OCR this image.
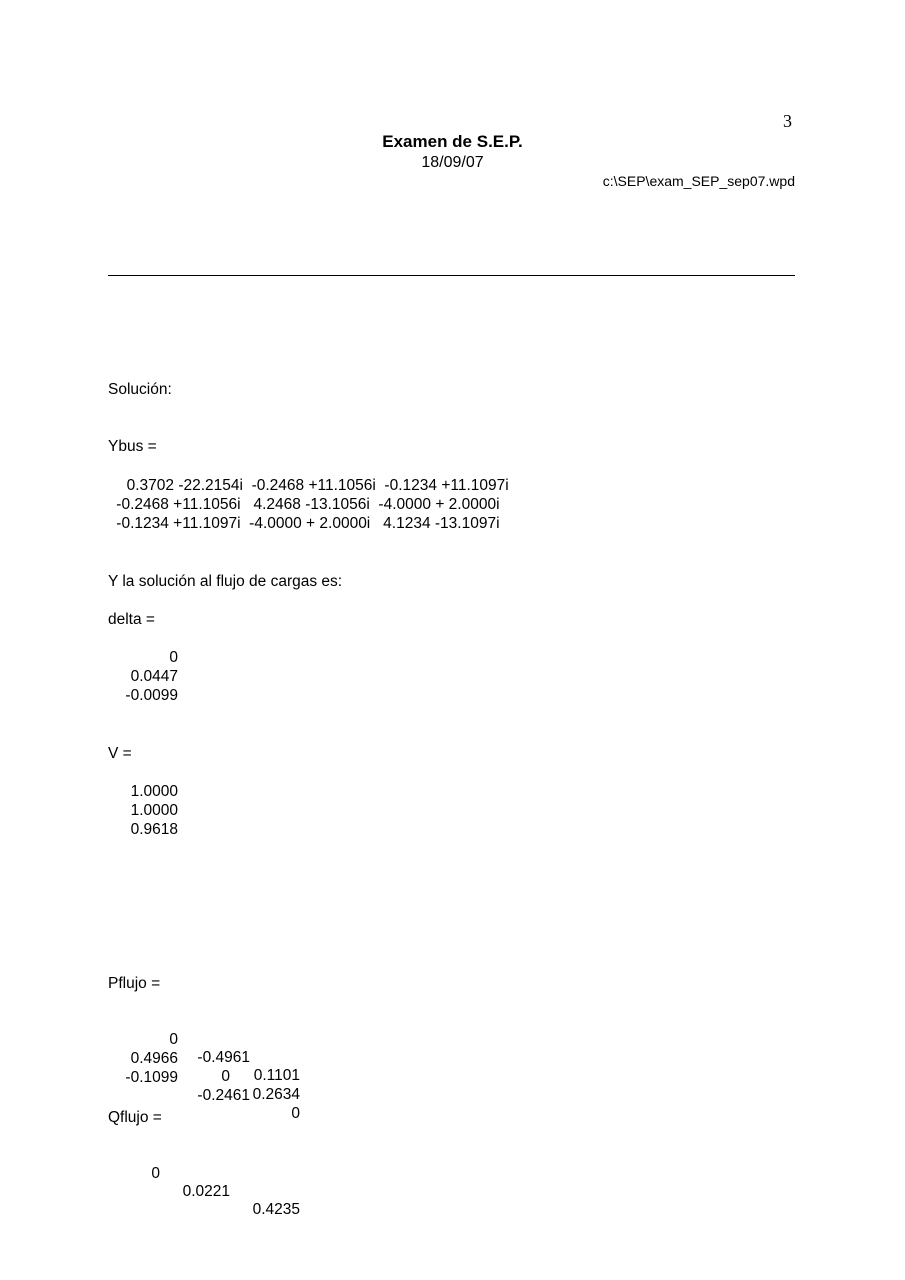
3
Examen de S.E.P.
18/09/07
c:\SEP\exam_SEP_sep07.wpd
Solución:
Ybus =
0.3702 -22.2154i  -0.2468 +11.1056i  -0.1234 +11.1097i
-0.2468 +11.1056i   4.2468 -13.1056i  -4.0000 + 2.0000i
-0.1234 +11.1097i  -4.0000 + 2.0000i   4.1234 -13.1097i
Y la solución al flujo de cargas es:
delta =
0
0.0447
-0.0099
V =
1.0000
1.0000
0.9618
Pflujo =

0

-0.4961

0.1101

0.4966

0

0.2634

-0.1099

-0.2461

0

Qflujo =

0

0.0221

0.4235
